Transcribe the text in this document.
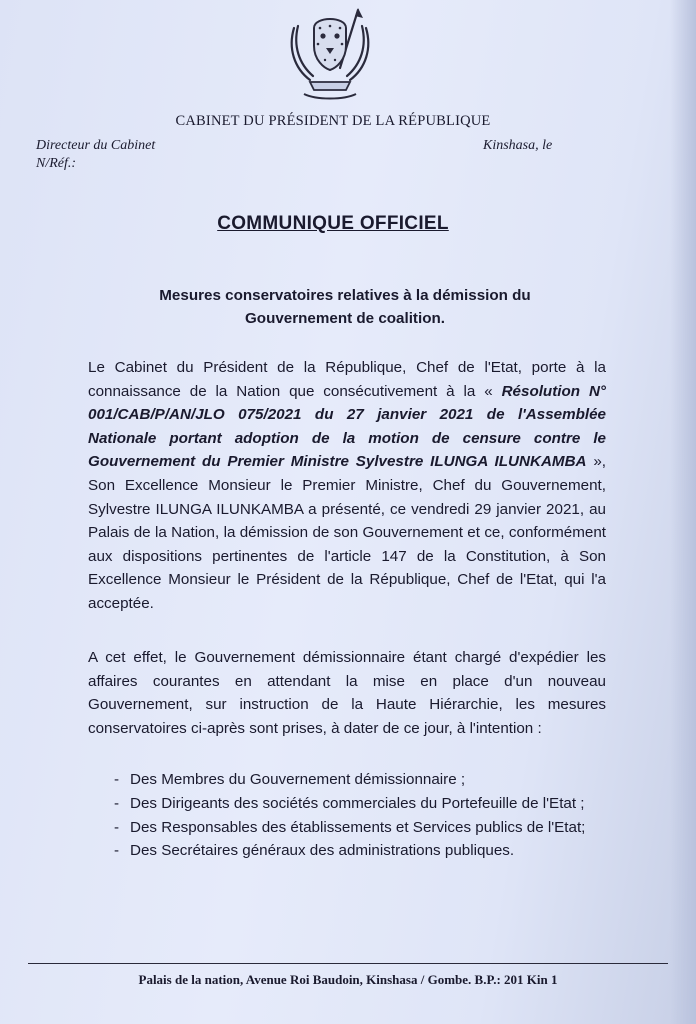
CABINET DU PRÉSIDENT DE LA RÉPUBLIQUE
Directeur du Cabinet
N/Réf.:
Kinshasa, le
COMMUNIQUE OFFICIEL
Mesures conservatoires relatives à la démission du
Gouvernement de coalition.

Le Cabinet du Président de la République, Chef de l'Etat, porte à la connaissance de la Nation que consécutivement à la « Résolution N° 001/CAB/P/AN/JLO 075/2021 du 27 janvier 2021 de l'Assemblée Nationale portant adoption de la motion de censure contre le Gouvernement du Premier Ministre Sylvestre ILUNGA ILUNKAMBA », Son Excellence Monsieur le Premier Ministre, Chef du Gouvernement, Sylvestre ILUNGA ILUNKAMBA a présenté, ce vendredi 29 janvier 2021, au Palais de la Nation, la démission de son Gouvernement et ce, conformément aux dispositions pertinentes de l'article 147 de la Constitution, à Son Excellence Monsieur le Président de la République, Chef de l'Etat, qui l'a acceptée.

A cet effet, le Gouvernement démissionnaire étant chargé d'expédier les affaires courantes en attendant la mise en place d'un nouveau Gouvernement, sur instruction de la Haute Hiérarchie, les mesures conservatoires ci-après sont prises, à dater de ce jour, à l'intention :

- Des Membres du Gouvernement démissionnaire ;
- Des Dirigeants des sociétés commerciales du Portefeuille de l'Etat ;
- Des Responsables des établissements et Services publics de l'Etat;
- Des Secrétaires généraux des administrations publiques.
Palais de la nation, Avenue Roi Baudoin, Kinshasa / Gombe. B.P.: 201 Kin 1
